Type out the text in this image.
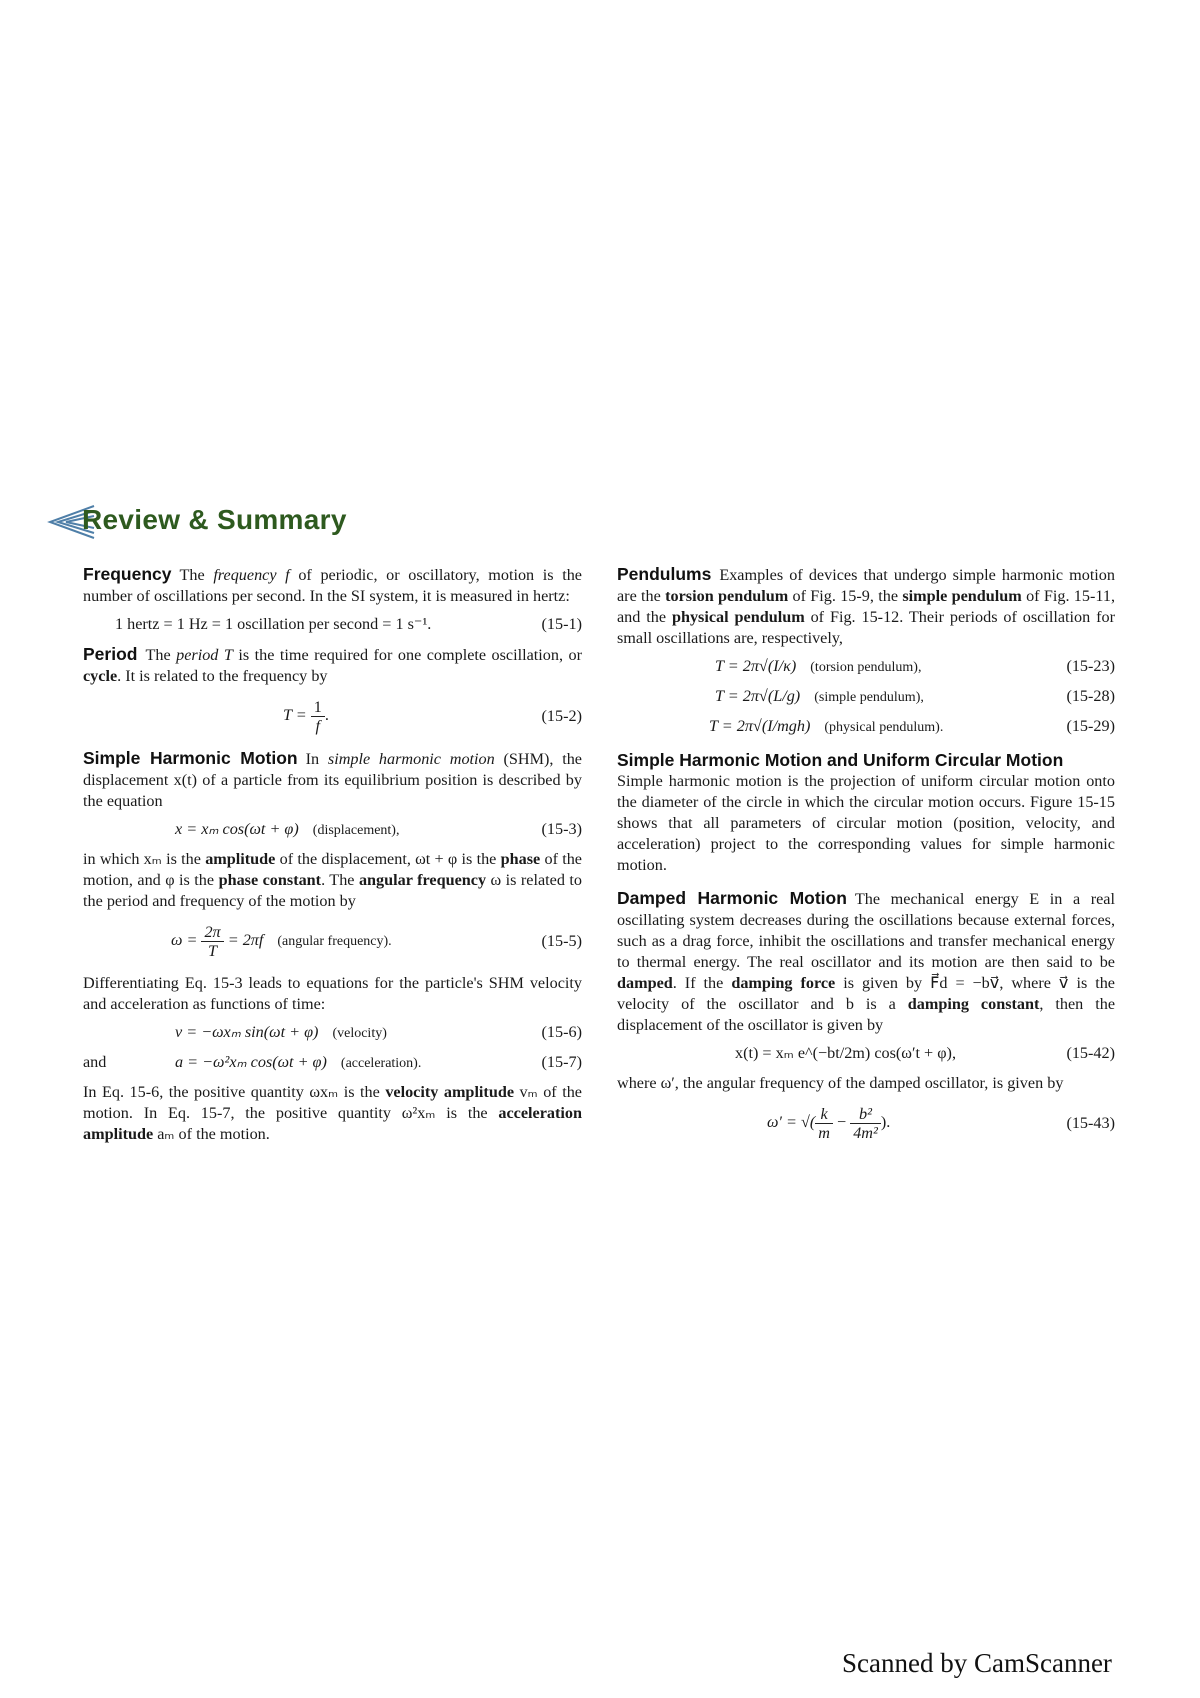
Review & Summary

Frequency The frequency f of periodic, or oscillatory, motion is the number of oscillations per second. In the SI system, it is measured in hertz:

1 hertz = 1 Hz = 1 oscillation per second = 1 s⁻¹.	(15-1)

Period The period T is the time required for one complete oscillation, or cycle. It is related to the frequency by

$T = \frac{1}{f}$ .	(15-2)

Simple Harmonic Motion In simple harmonic motion (SHM), the displacement x(t) of a particle from its equilibrium position is described by the equation

x = xₘ cos(ωt + φ) (displacement),	(15-3)

in which xₘ is the amplitude of the displacement, ωt + φ is the phase of the motion, and φ is the phase constant. The angular frequency ω is related to the period and frequency of the motion by

$\omega = \frac{2\pi}{T} = 2\pi f$ (angular frequency).	(15-5)

Differentiating Eq. 15-3 leads to equations for the particle's SHM velocity and acceleration as functions of time:

v = −ωxₘ sin(ωt + φ) (velocity)	(15-6)
and	a = −ω²xₘ cos(ωt + φ) (acceleration).	(15-7)

In Eq. 15-6, the positive quantity ωxₘ is the velocity amplitude vₘ of the motion. In Eq. 15-7, the positive quantity ω²xₘ is the acceleration amplitude aₘ of the motion.

Pendulums Examples of devices that undergo simple harmonic motion are the torsion pendulum of Fig. 15-9, the simple pendulum of Fig. 15-11, and the physical pendulum of Fig. 15-12. Their periods of oscillation for small oscillations are, respectively,

T = 2π√(I/κ) (torsion pendulum),	(15-23)
T = 2π√(L/g) (simple pendulum),	(15-28)
T = 2π√(I/mgh) (physical pendulum).	(15-29)

Simple Harmonic Motion and Uniform Circular Motion
Simple harmonic motion is the projection of uniform circular motion onto the diameter of the circle in which the circular motion occurs. Figure 15-15 shows that all parameters of circular motion (position, velocity, and acceleration) project to the corresponding values for simple harmonic motion.

Damped Harmonic Motion The mechanical energy E in a real oscillating system decreases during the oscillations because external forces, such as a drag force, inhibit the oscillations and transfer mechanical energy to thermal energy. The real oscillator and its motion are then said to be damped. If the damping force is given by F⃗d = −bv⃗, where v⃗ is the velocity of the oscillator and b is a damping constant, then the displacement of the oscillator is given by

x(t) = xₘ e^(−bt/2m) cos(ω′t + φ),	(15-42)

where ω′, the angular frequency of the damped oscillator, is given by

ω′ = √( $\frac{k}{m} - \frac{\text{b²}}{\text{4m²}}$ ).	(15-43)
Scanned by CamScanner
